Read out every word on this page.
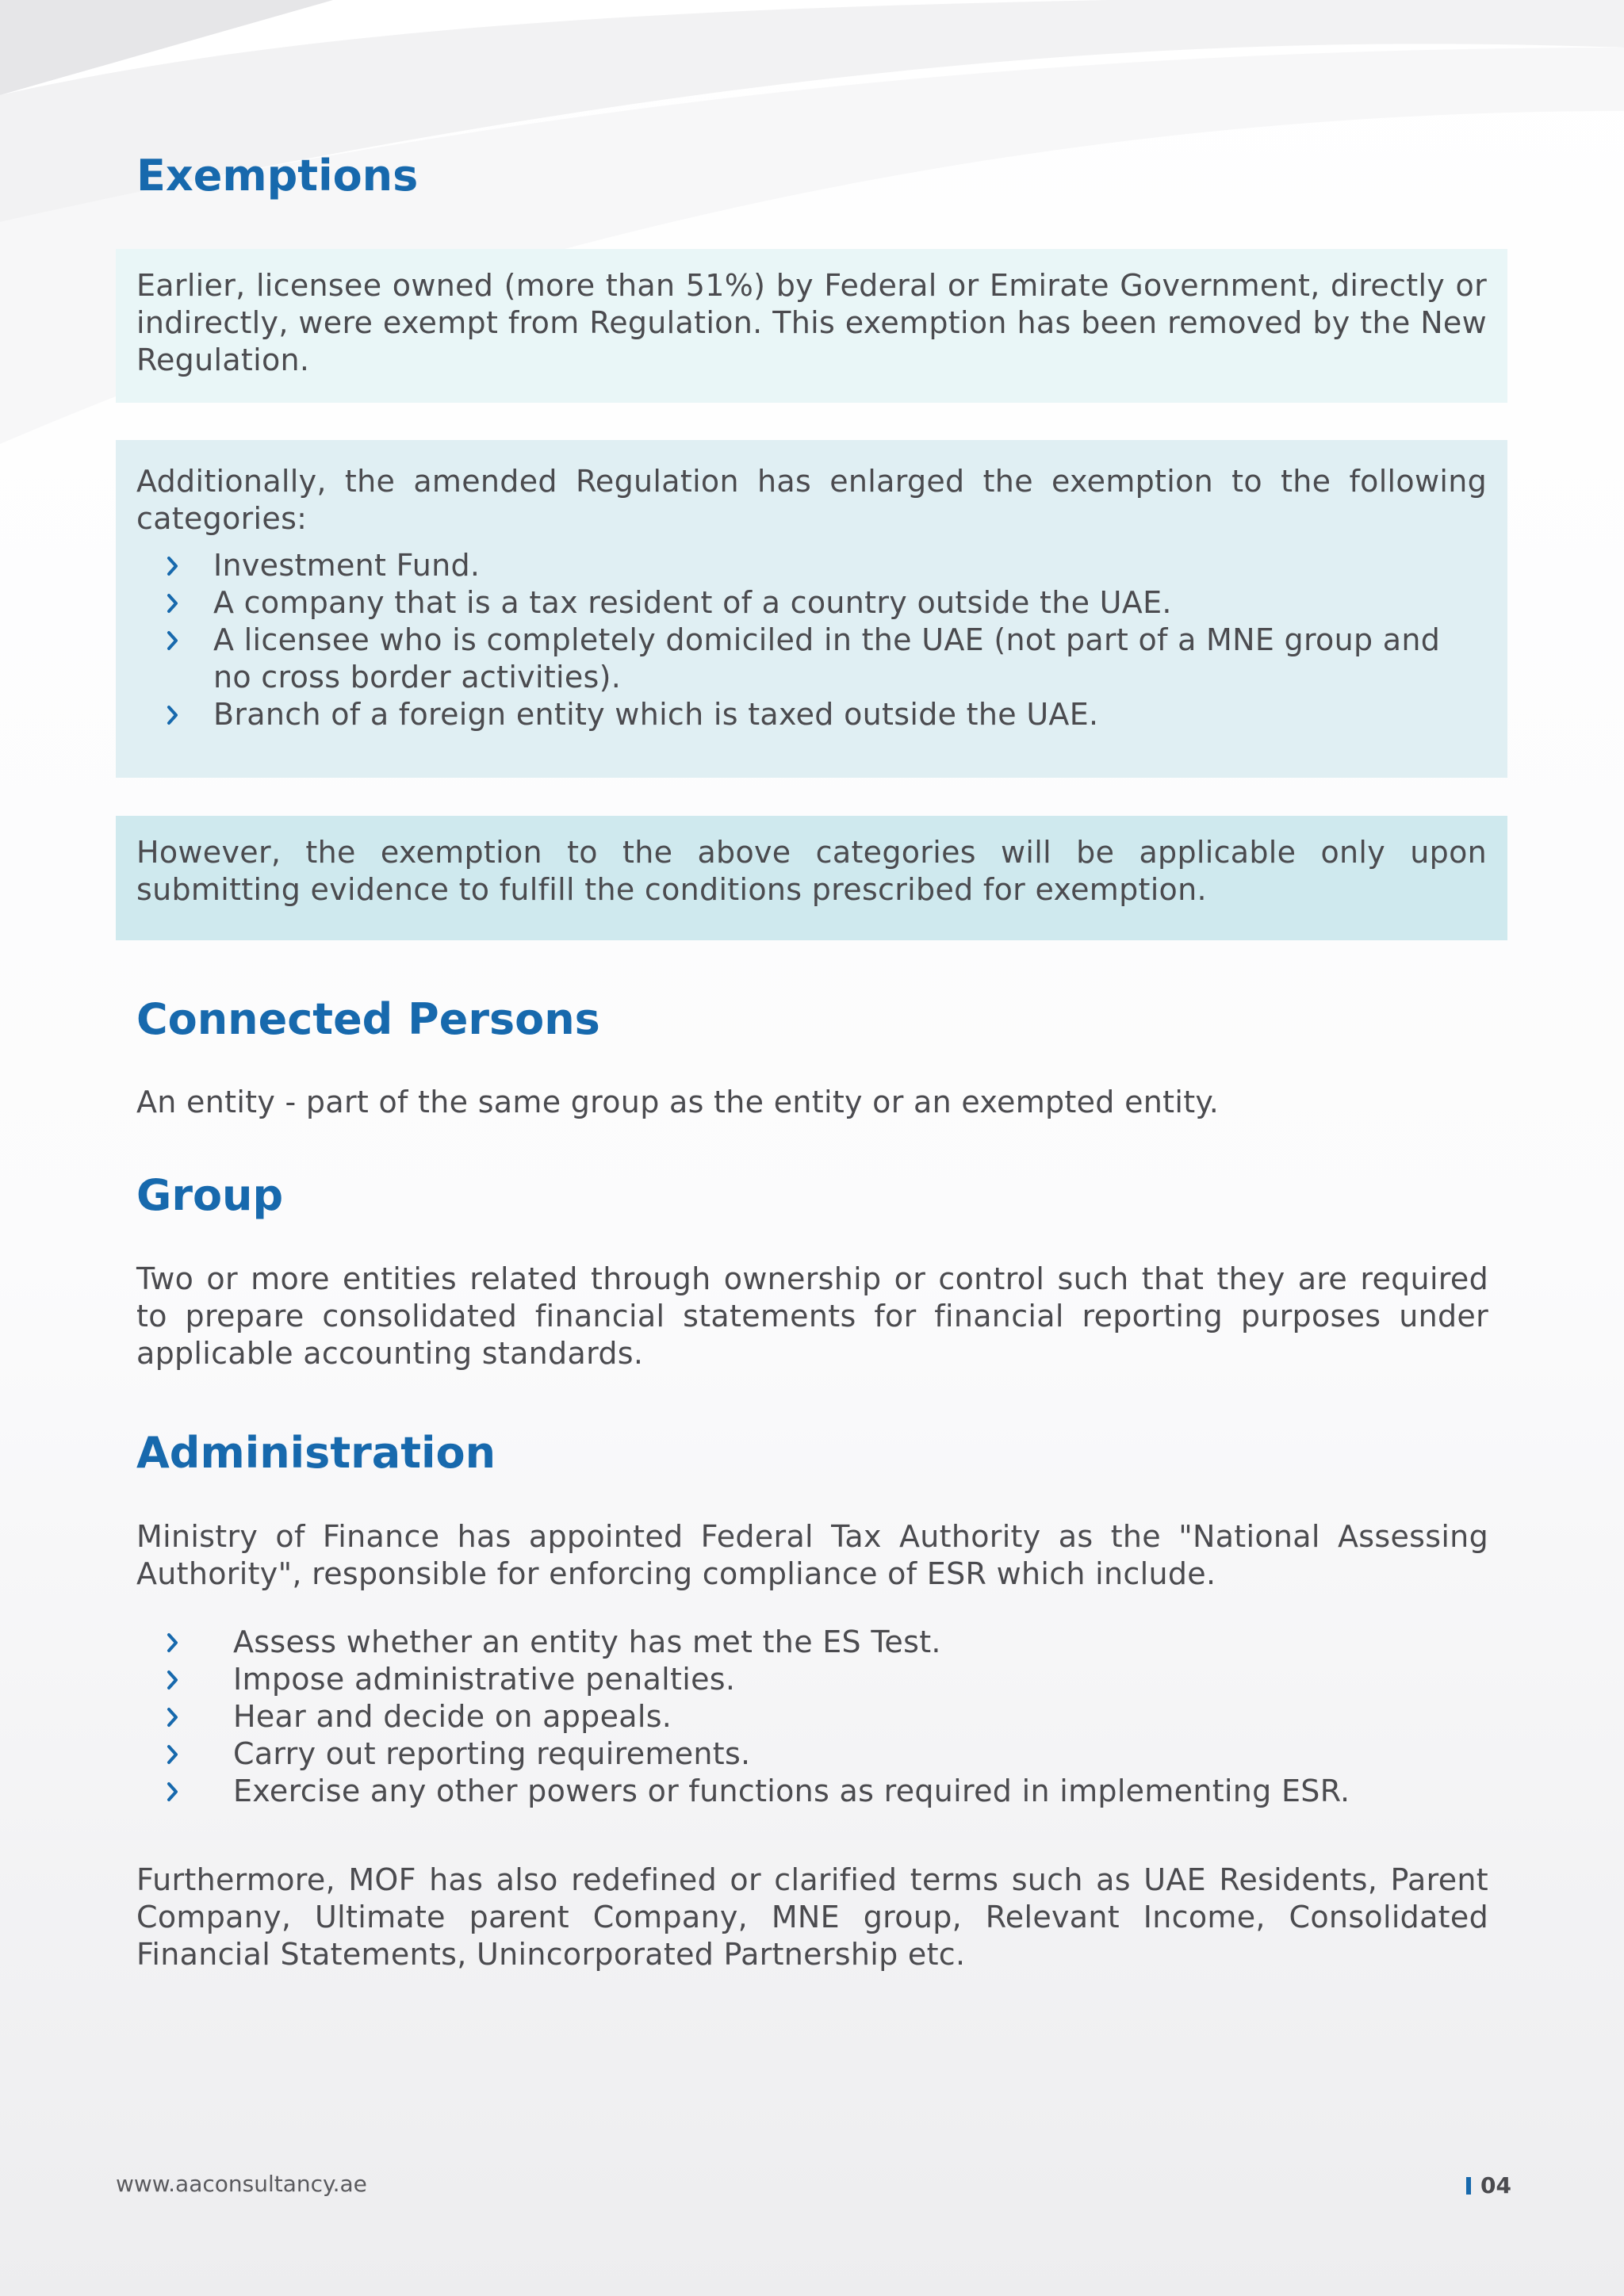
Exemptions

Earlier, licensee owned (more than 51%) by Federal or Emirate Government, directly or indirectly, were exempt from Regulation. This exemption has been removed by the New Regulation.

Additionally, the amended Regulation has enlarged the exemption to the following categories:

Investment Fund.
A company that is a tax resident of a country outside the UAE.
A licensee who is completely domiciled in the UAE (not part of a MNE group and no cross border activities).
Branch of a foreign entity which is taxed outside the UAE.

However, the exemption to the above categories will be applicable only upon submitting evidence to fulfill the conditions prescribed for exemption.

Connected Persons

An entity - part of the same group as the entity or an exempted entity.

Group

Two or more entities related through ownership or control such that they are required to prepare consolidated financial statements for financial reporting purposes under applicable accounting standards.

Administration

Ministry of Finance has appointed Federal Tax Authority as the "National Assessing Authority", responsible for enforcing compliance of ESR which include.

Assess whether an entity has met the ES Test.
Impose administrative penalties.
Hear and decide on appeals.
Carry out reporting requirements.
Exercise any other powers or functions as required in implementing ESR.

Furthermore, MOF has also redefined or clarified terms such as UAE Residents, Parent Company, Ultimate parent Company, MNE group, Relevant Income, Consolidated Financial Statements, Unincorporated Partnership etc.

www.aaconsultancy.ae	04
